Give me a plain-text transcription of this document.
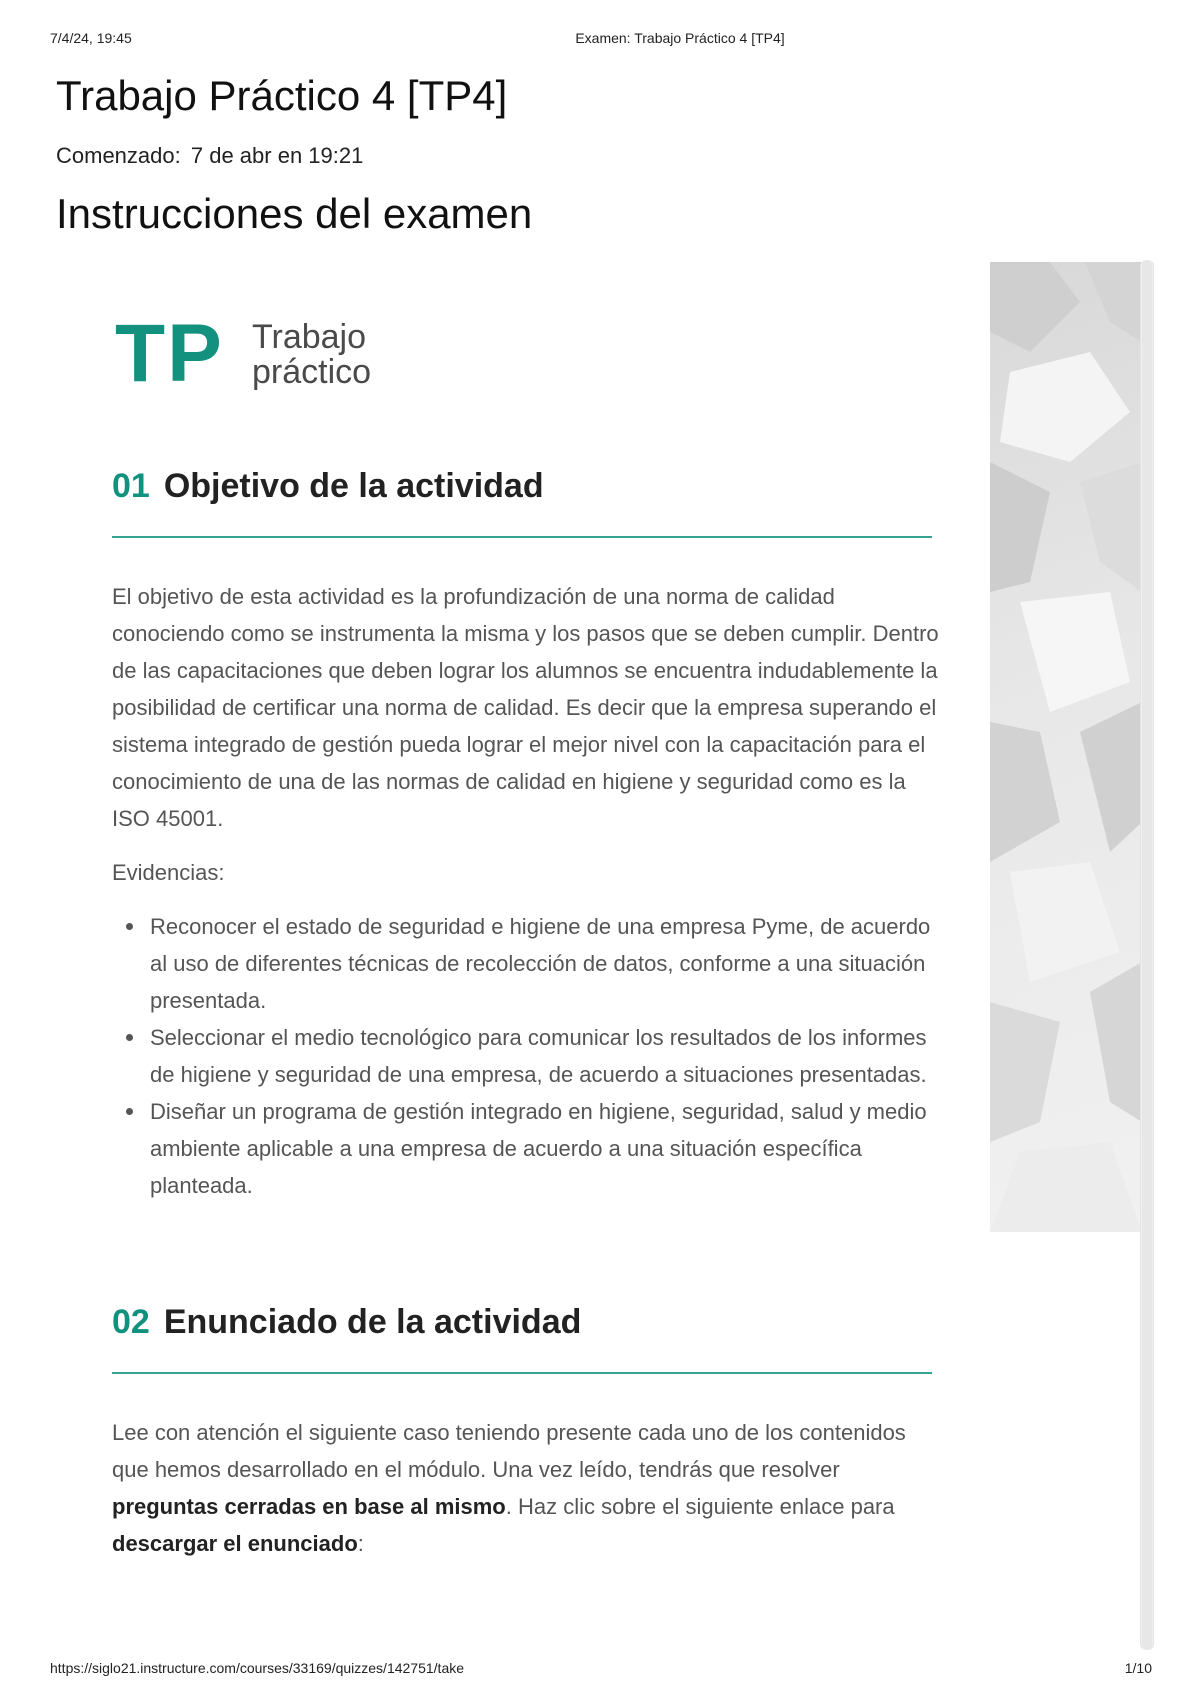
7/4/24, 19:45	Examen: Trabajo Práctico 4 [TP4]
Trabajo Práctico 4 [TP4]
Comenzado: 7 de abr en 19:21
Instrucciones del examen
TP Trabajo
práctico
01 Objetivo de la actividad

El objetivo de esta actividad es la profundización de una norma de calidad conociendo como se instrumenta la misma y los pasos que se deben cumplir. Dentro de las capacitaciones que deben lograr los alumnos se encuentra indudablemente la posibilidad de certificar una norma de calidad. Es decir que la empresa superando el sistema integrado de gestión pueda lograr el mejor nivel con la capacitación para el conocimiento de una de las normas de calidad en higiene y seguridad como es la ISO 45001.

Evidencias:

Reconocer el estado de seguridad e higiene de una empresa Pyme, de acuerdo al uso de diferentes técnicas de recolección de datos, conforme a una situación presentada.
Seleccionar el medio tecnológico para comunicar los resultados de los informes de higiene y seguridad de una empresa, de acuerdo a situaciones presentadas.
Diseñar un programa de gestión integrado en higiene, seguridad, salud y medio ambiente aplicable a una empresa de acuerdo a una situación específica planteada.
02 Enunciado de la actividad

Lee con atención el siguiente caso teniendo presente cada uno de los contenidos que hemos desarrollado en el módulo. Una vez leído, tendrás que resolver preguntas cerradas en base al mismo. Haz clic sobre el siguiente enlace para descargar el enunciado:

https://siglo21.instructure.com/courses/33169/quizzes/142751/take	1/10
